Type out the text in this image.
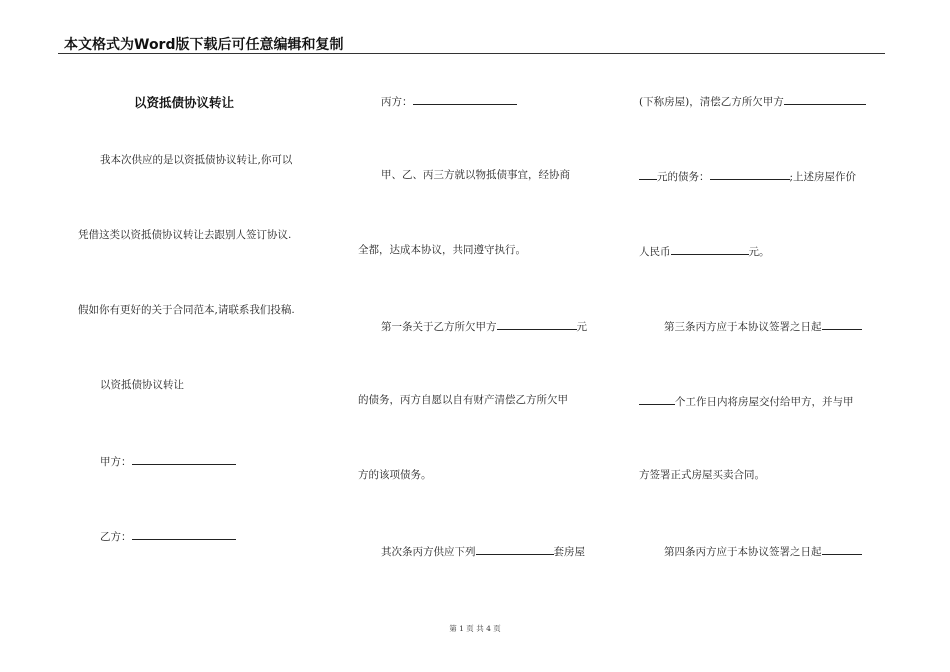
本文格式为Word版下载后可任意编辑和复制
以资抵债协议转让
我本次供应的是以资抵债协议转让,你可以
凭借这类以资抵债协议转让去跟别人签订协议.
假如你有更好的关于合同范本,请联系我们投稿.
以资抵债协议转让
甲方：
乙方：
丙方：
甲、乙、丙三方就以物抵债事宜，经协商
全都，达成本协议，共同遵守执行。
第一条关于乙方所欠甲方	元
的债务，丙方自愿以自有财产清偿乙方所欠甲
方的该项债务。
其次条丙方供应下列	套房屋
(下称房屋)，清偿乙方所欠甲方
元的债务：	;上述房屋作价
人民币	元。
第三条丙方应于本协议签署之日起
个工作日内将房屋交付给甲方，并与甲
方签署正式房屋买卖合同。
第四条丙方应于本协议签署之日起
第 1 页 共 4 页
